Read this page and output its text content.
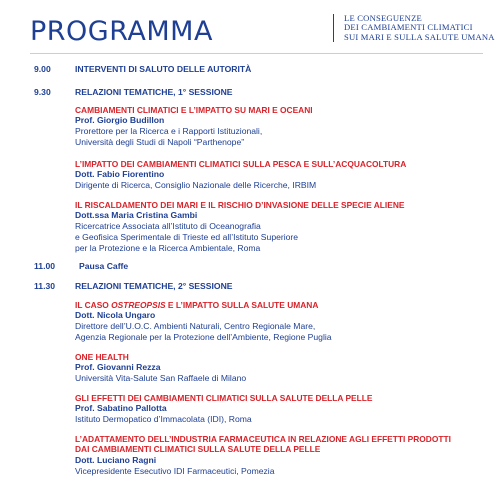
PROGRAMMA	LE CONSEGUENZE
DEI CAMBIAMENTI CLIMATICI
SUI MARI E SULLA SALUTE UMANA
9.00	INTERVENTI DI SALUTO DELLE AUTORITÀ
9.30	RELAZIONI TEMATICHE, 1° SESSIONE
CAMBIAMENTI CLIMATICI E L’IMPATTO SU MARI E OCEANI
Prof. Giorgio Budillon
Prorettore per la Ricerca e i Rapporti Istituzionali,
Università degli Studi di Napoli “Parthenope”
L’IMPATTO DEI CAMBIAMENTI CLIMATICI SULLA PESCA E SULL’ACQUACOLTURA
Dott. Fabio Fiorentino
Dirigente di Ricerca, Consiglio Nazionale delle Ricerche, IRBIM
IL RISCALDAMENTO DEI MARI E IL RISCHIO D’INVASIONE DELLE SPECIE ALIENE
Dott.ssa Maria Cristina Gambi
Ricercatrice Associata all’Istituto di Oceanografia
e Geofisica Sperimentale di Trieste ed all’Istituto Superiore
per la Protezione e la Ricerca Ambientale, Roma
11.00	Pausa Caffe
11.30 RELAZIONI TEMATICHE, 2° SESSIONE
IL CASO OSTREOPSIS E L’IMPATTO SULLA SALUTE UMANA
Dott. Nicola Ungaro
Direttore dell’U.O.C. Ambienti Naturali, Centro Regionale Mare,
Agenzia Regionale per la Protezione dell’Ambiente, Regione Puglia
ONE HEALTH
Prof. Giovanni Rezza
Università Vita-Salute San Raffaele di Milano
GLI EFFETTI DEI CAMBIAMENTI CLIMATICI SULLA SALUTE DELLA PELLE
Prof. Sabatino Pallotta
Istituto Dermopatico d’Immacolata (IDI), Roma
L’ADATTAMENTO DELL’INDUSTRIA FARMACEUTICA IN RELAZIONE AGLI EFFETTI PRODOTTI
DAI CAMBIAMENTI CLIMATICI SULLA SALUTE DELLA PELLE
Dott. Luciano Ragni
Vicepresidente Esecutivo IDI Farmaceutici, Pomezia
